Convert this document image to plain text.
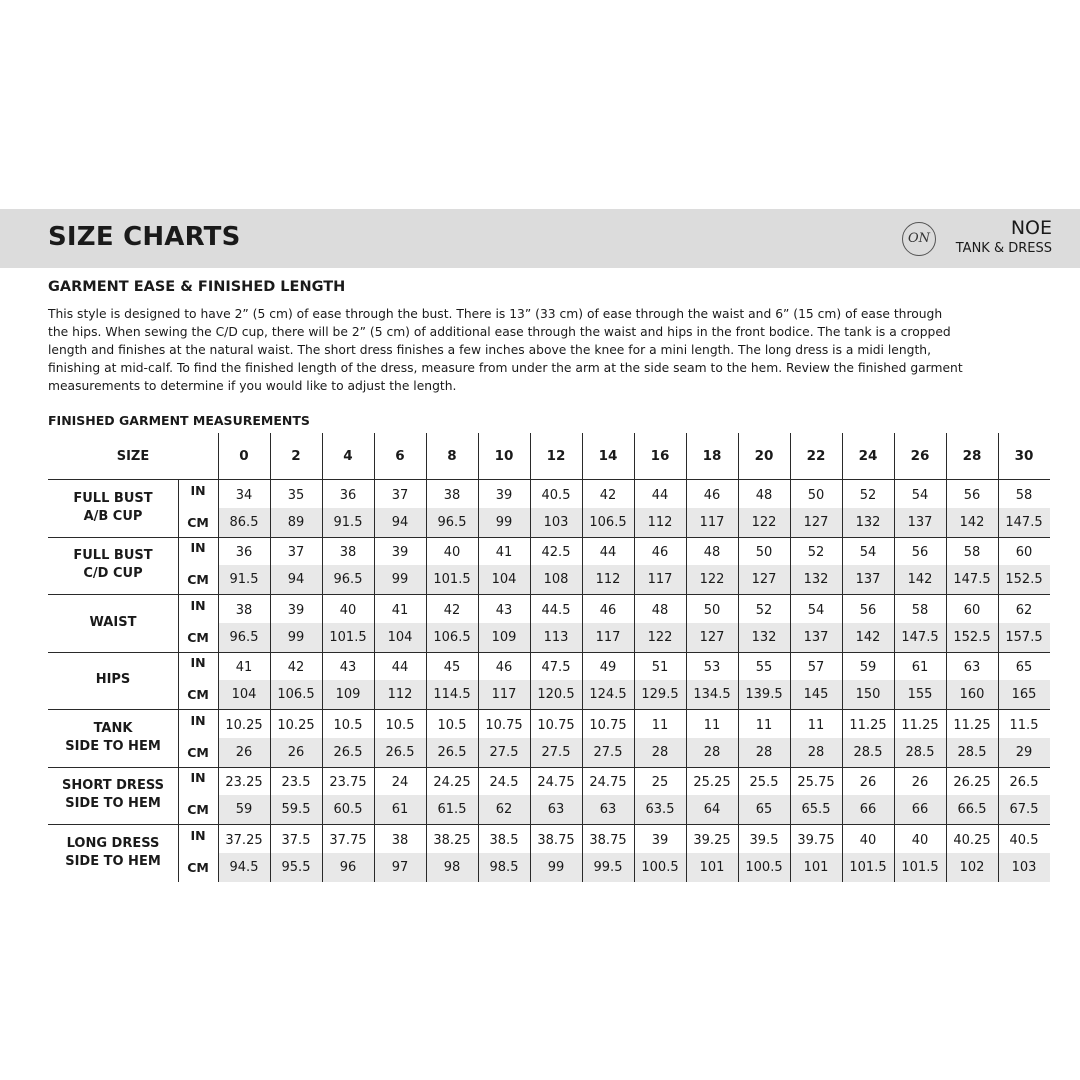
SIZE CHARTS	ON	NOE
TANK & DRESS
GARMENT EASE & FINISHED LENGTH
This style is designed to have 2” (5 cm) of ease through the bust. There is 13” (33 cm) of ease through the waist and 6” (15 cm) of ease through
the hips. When sewing the C/D cup, there will be 2” (5 cm) of additional ease through the waist and hips in the front bodice. The tank is a cropped
length and finishes at the natural waist. The short dress finishes a few inches above the knee for a mini length. The long dress is a midi length,
finishing at mid-calf. To find the finished length of the dress, measure from under the arm at the side seam to the hem. Review the finished garment
measurements to determine if you would like to adjust the length.
FINISHED GARMENT MEASUREMENTS
SIZE	0	2	4	6	8	10	12	14	16	18	20	22	24	26	28	30
FULL BUST
A/B CUP
IN
CM
34	35	36	37	38	39	40.5	42	44	46	48	50	52	54	56	58
86.5	89	91.5	94	96.5	99	103	106.5	112	117	122	127	132	137	142	147.5
FULL BUST
C/D CUP
IN
CM
36	37	38	39	40	41	42.5	44	46	48	50	52	54	56	58	60
91.5	94	96.5	99	101.5	104	108	112	117	122	127	132	137	142	147.5	152.5
WAIST
IN
CM
38	39	40	41	42	43	44.5	46	48	50	52	54	56	58	60	62
96.5	99	101.5	104	106.5	109	113	117	122	127	132	137	142	147.5	152.5	157.5
HIPS
IN
CM
41	42	43	44	45	46	47.5	49	51	53	55	57	59	61	63	65
104	106.5	109	112	114.5	117	120.5	124.5	129.5	134.5	139.5	145	150	155	160	165
TANK
SIDE TO HEM
IN
CM
10.25	10.25	10.5	10.5	10.5	10.75	10.75	10.75	11	11	11	11	11.25	11.25	11.25	11.5
26	26	26.5	26.5	26.5	27.5	27.5	27.5	28	28	28	28	28.5	28.5	28.5	29
SHORT DRESS
SIDE TO HEM
IN
CM
23.25	23.5	23.75	24	24.25	24.5	24.75	24.75	25	25.25	25.5	25.75	26	26	26.25	26.5
59	59.5	60.5	61	61.5	62	63	63	63.5	64	65	65.5	66	66	66.5	67.5
LONG DRESS
SIDE TO HEM
IN
CM
37.25	37.5	37.75	38	38.25	38.5	38.75	38.75	39	39.25	39.5	39.75	40	40	40.25	40.5
94.5	95.5	96	97	98	98.5	99	99.5	100.5	101	100.5	101	101.5	101.5	102	103
